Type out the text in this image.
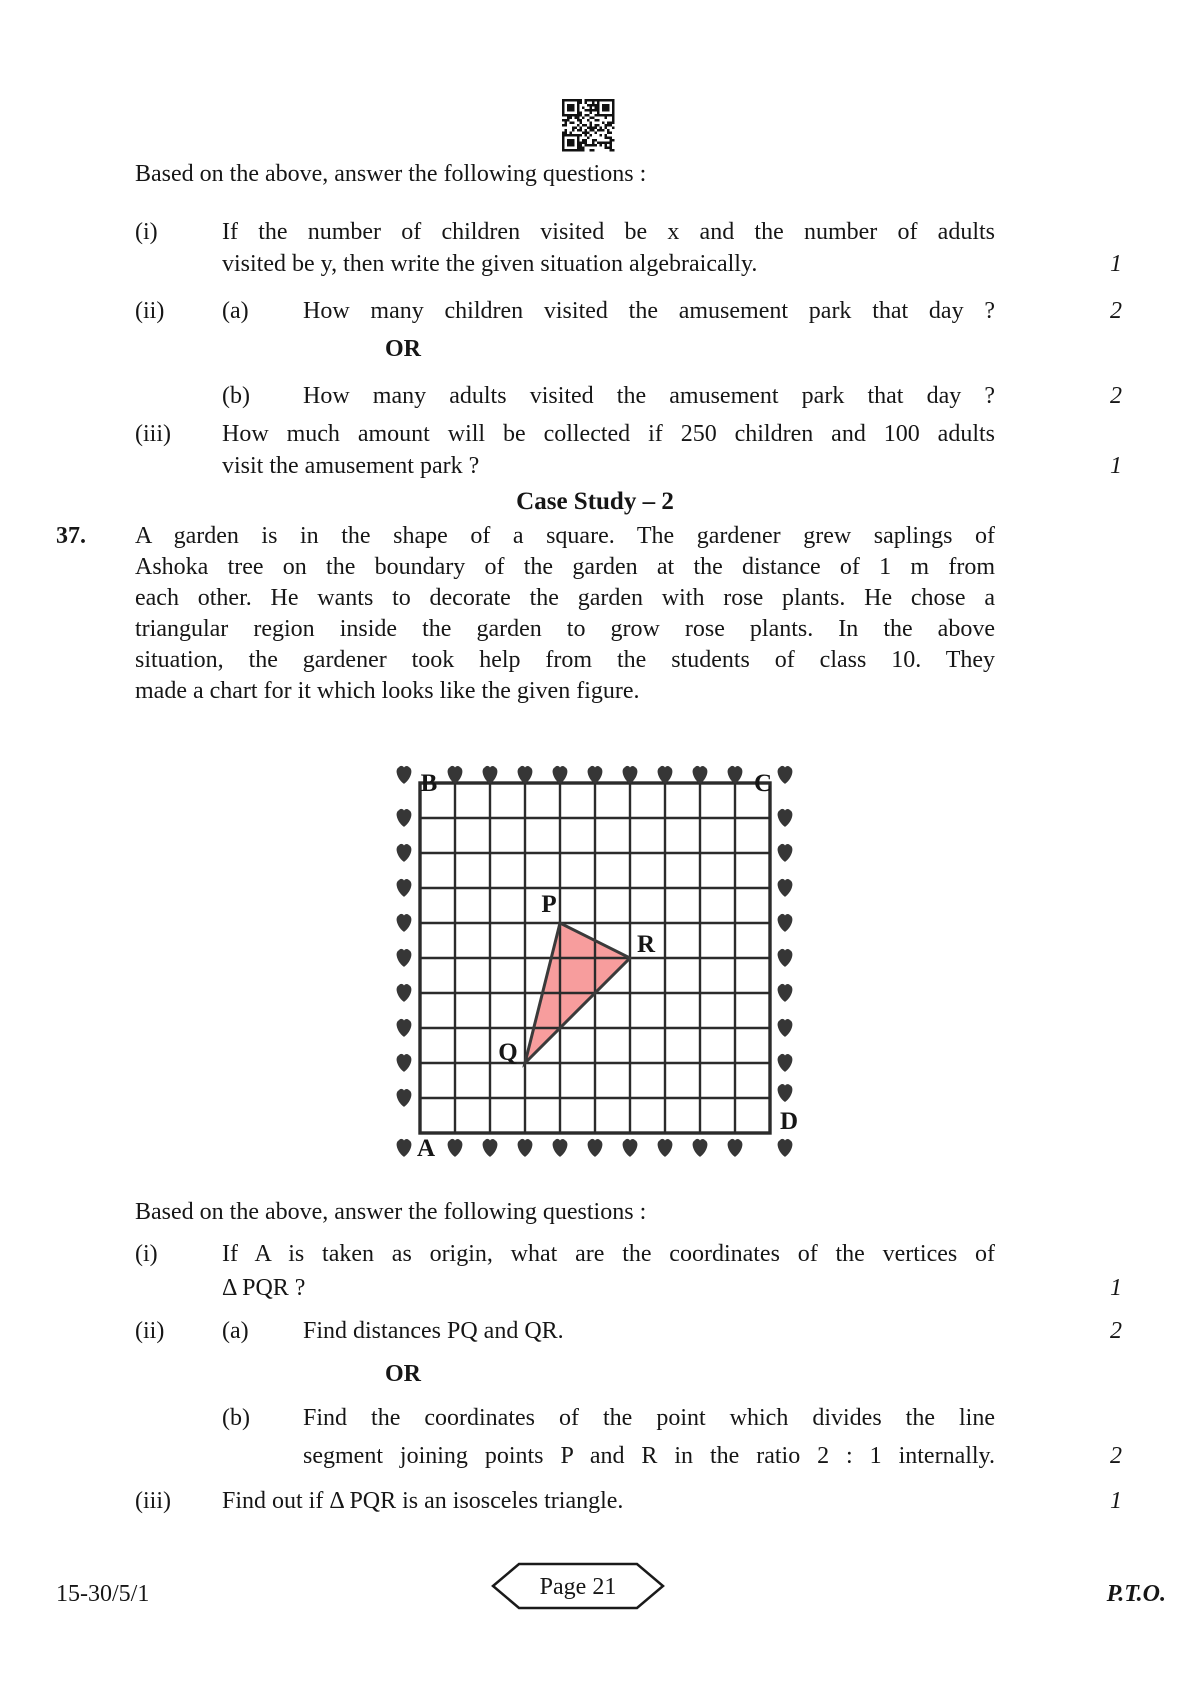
Based on the above, answer the following questions :
(i)	If the number of children visited be x and the number of adults
visited be y, then write the given situation algebraically.	1
(ii) (a) How many children visited the amusement park that day ?	2
OR
(b) How many adults visited the amusement park that day ?	2
(iii) How much amount will be collected if 250 children and 100 adults
visit the amusement park ?	1
Case Study – 2
37. A garden is in the shape of a square. The gardener grew saplings of
Ashoka tree on the boundary of the garden at the distance of 1 m from
each other. He wants to decorate the garden with rose plants. He chose a
triangular region inside the garden to grow rose plants. In the above
situation, the gardener took help from the students of class 10. They
made a chart for it which looks like the given figure.
B	C
A
D
P
Q
R
Based on the above, answer the following questions :
(i)	If A is taken as origin, what are the coordinates of the vertices of
Δ PQR ?	1
(ii) (a) Find distances PQ and QR.	2
OR
(b) Find the coordinates of the point which divides the line
segment joining points P and R in the ratio 2 : 1 internally.	2
(iii) Find out if Δ PQR is an isosceles triangle.	1
15-30/5/1	Page 21	P.T.O.
